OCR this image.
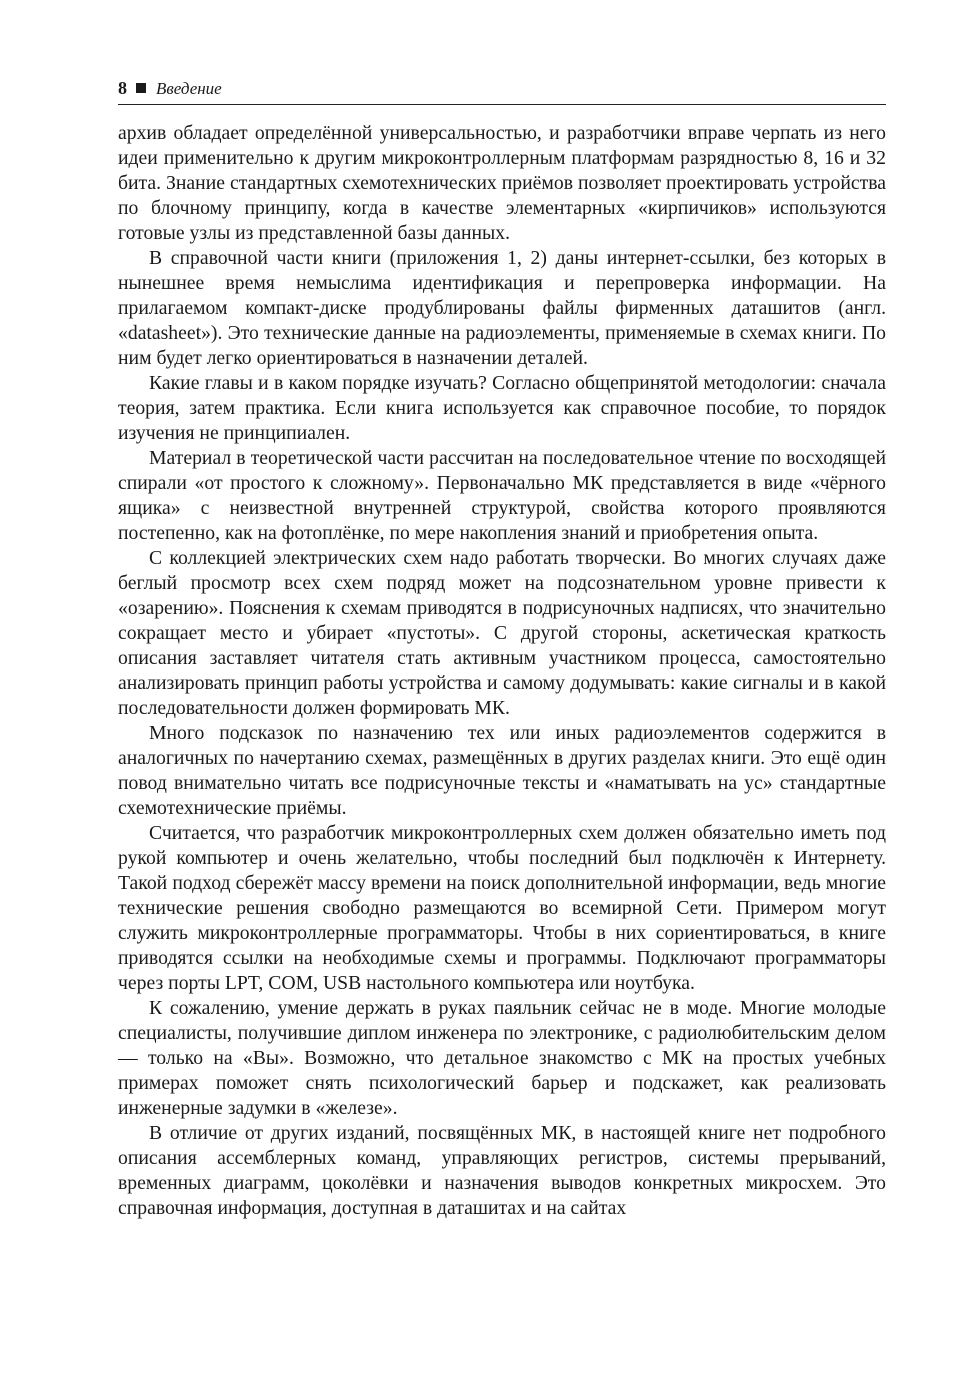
8 Введение

архив обладает определённой универсальностью, и разработчики вправе черпать из него идеи применительно к другим микроконтроллерным платформам разрядностью 8, 16 и 32 бита. Знание стандартных схемотехнических приёмов позволяет проектировать устройства по блочному принципу, когда в качестве элементарных «кирпичиков» используются готовые узлы из представленной базы данных.

В справочной части книги (приложения 1, 2) даны интернет-ссылки, без которых в нынешнее время немыслима идентификация и перепроверка информации. На прилагаемом компакт-диске продублированы файлы фирменных даташитов (англ. «datasheet»). Это технические данные на радиоэлементы, применяемые в схемах книги. По ним будет легко ориентироваться в назначении деталей.

Какие главы и в каком порядке изучать? Согласно общепринятой методологии: сначала теория, затем практика. Если книга используется как справочное пособие, то порядок изучения не принципиален.

Материал в теоретической части рассчитан на последовательное чтение по восходящей спирали «от простого к сложному». Первоначально МК представляется в виде «чёрного ящика» с неизвестной внутренней структурой, свойства которого проявляются постепенно, как на фотоплёнке, по мере накопления знаний и приобретения опыта.

С коллекцией электрических схем надо работать творчески. Во многих случаях даже беглый просмотр всех схем подряд может на подсознательном уровне привести к «озарению». Пояснения к схемам приводятся в подрисуночных надписях, что значительно сокращает место и убирает «пустоты». С другой стороны, аскетическая краткость описания заставляет читателя стать активным участником процесса, самостоятельно анализировать принцип работы устройства и самому додумывать: какие сигналы и в какой последовательности должен формировать МК.

Много подсказок по назначению тех или иных радиоэлементов содержится в аналогичных по начертанию схемах, размещённых в других разделах книги. Это ещё один повод внимательно читать все подрисуночные тексты и «наматывать на ус» стандартные схемотехнические приёмы.

Считается, что разработчик микроконтроллерных схем должен обязательно иметь под рукой компьютер и очень желательно, чтобы последний был подключён к Интернету. Такой подход сбережёт массу времени на поиск дополнительной информации, ведь многие технические решения свободно размещаются во всемирной Сети. Примером могут служить микроконтроллерные программаторы. Чтобы в них сориентироваться, в книге приводятся ссылки на необходимые схемы и программы. Подключают программаторы через порты LPT, COM, USB настольного компьютера или ноутбука.

К сожалению, умение держать в руках паяльник сейчас не в моде. Многие молодые специалисты, получившие диплом инженера по электронике, с радиолюбительским делом — только на «Вы». Возможно, что детальное знакомство с МК на простых учебных примерах поможет снять психологический барьер и подскажет, как реализовать инженерные задумки в «железе».

В отличие от других изданий, посвящённых МК, в настоящей книге нет подробного описания ассемблерных команд, управляющих регистров, системы прерываний, временных диаграмм, цоколёвки и назначения выводов конкретных микросхем. Это справочная информация, доступная в даташитах и на сайтах
